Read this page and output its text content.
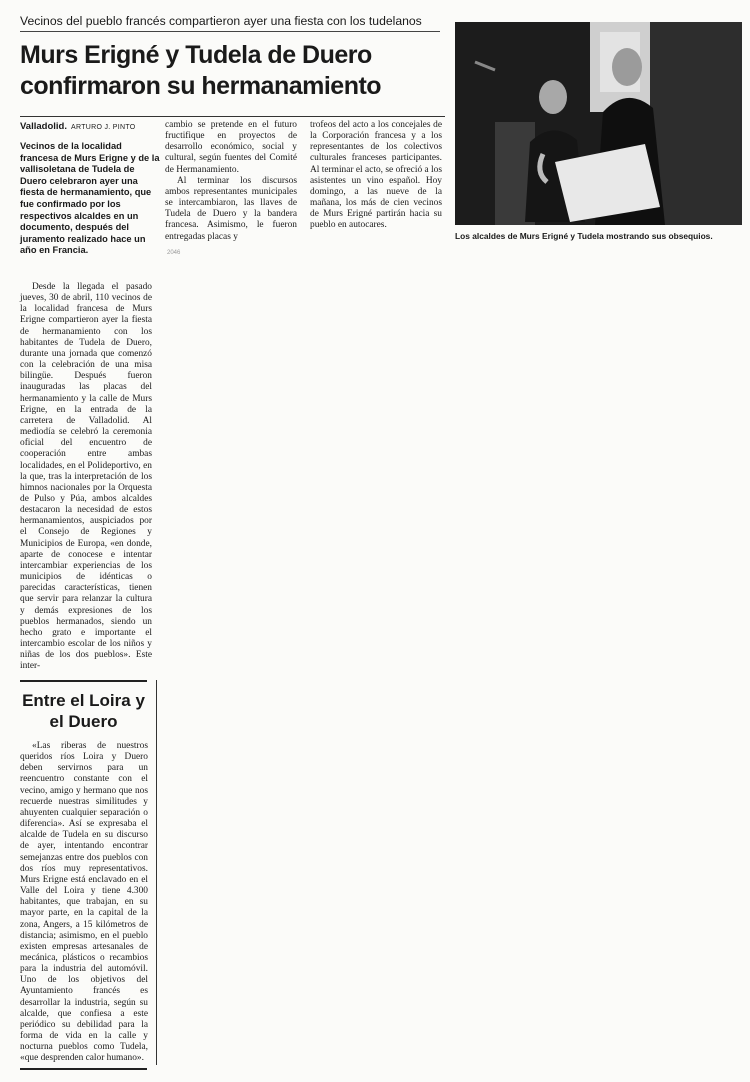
Vecinos del pueblo francés compartieron ayer una fiesta con los tudelanos
Murs Erigné y Tudela de Duero confirmaron su hermanamiento
Valladolid. ARTURO J. PINTO
Vecinos de la localidad francesa de Murs Erigne y de la vallisoletana de Tudela de Duero celebraron ayer una fiesta de hermanamiento, que fue confirmado por los respectivos alcaldes en un documento, después del juramento realizado hace un año en Francia.

Desde la llegada el pasado jueves, 30 de abril, 110 vecinos de la localidad francesa de Murs Erigne compartieron ayer la fiesta de hermanamiento con los habitantes de Tudela de Duero, durante una jornada que comenzó con la celebración de una misa bilingüe. Después fueron inauguradas las placas del hermanamiento y la calle de Murs Erigne, en la entrada de la carretera de Valladolid. Al mediodía se celebró la ceremonia oficial del encuentro de cooperación entre ambas localidades, en el Polideportivo, en la que, tras la interpretación de los himnos nacionales por la Orquesta de Pulso y Púa, ambos alcaldes destacaron la necesidad de estos hermanamientos, auspiciados por el Consejo de Regiones y Municipios de Europa, «en donde, aparte de conocese e intentar intercambiar experiencias de los municipios de idénticas o parecidas características, tienen que servir para relanzar la cultura y demás expresiones de los pueblos hermanados, siendo un hecho grato e importante el intercambio escolar de los niños y niñas de los dos pueblos». Este inter-

cambio se pretende en el futuro fructifique en proyectos de desarrollo económico, social y cultural, según fuentes del Comité de Hermanamiento.

Al terminar los discursos ambos representantes municipales se intercambiaron, las llaves de Tudela de Duero y la bandera francesa. Asimismo, le fueron entregadas placas y

trofeos del acto a los concejales de la Corporación francesa y a los representantes de los colectivos culturales franceses participantes. Al terminar el acto, se ofreció a los asistentes un vino español. Hoy domingo, a las nueve de la mañana, los más de cien vecinos de Murs Erigné partirán hacia su pueblo en autocares.

2046
Los alcaldes de Murs Erigné y Tudela mostrando sus obsequios.
Entre el Loira y el Duero

«Las riberas de nuestros queridos ríos Loira y Duero deben servirnos para un reencuentro constante con el vecino, amigo y hermano que nos recuerde nuestras similitudes y ahuyenten cualquier separación o diferencia». Así se expresaba el alcalde de Tudela en su discurso de ayer, intentando encontrar semejanzas entre dos pueblos con dos ríos muy representativos. Murs Erigne está enclavado en el Valle del Loira y tiene 4.300 habitantes, que trabajan, en su mayor parte, en la capital de la zona, Angers, a 15 kilómetros de distancia; asimismo, en el pueblo existen empresas artesanales de mecánica, plásticos o recambios para la industria del automóvil. Uno de los objetivos del Ayuntamiento francés es desarrollar la industria, según su alcalde, que confiesa a este periódico su debilidad para la forma de vida en la calle y nocturna pueblos como Tudela, «que desprenden calor humano».
